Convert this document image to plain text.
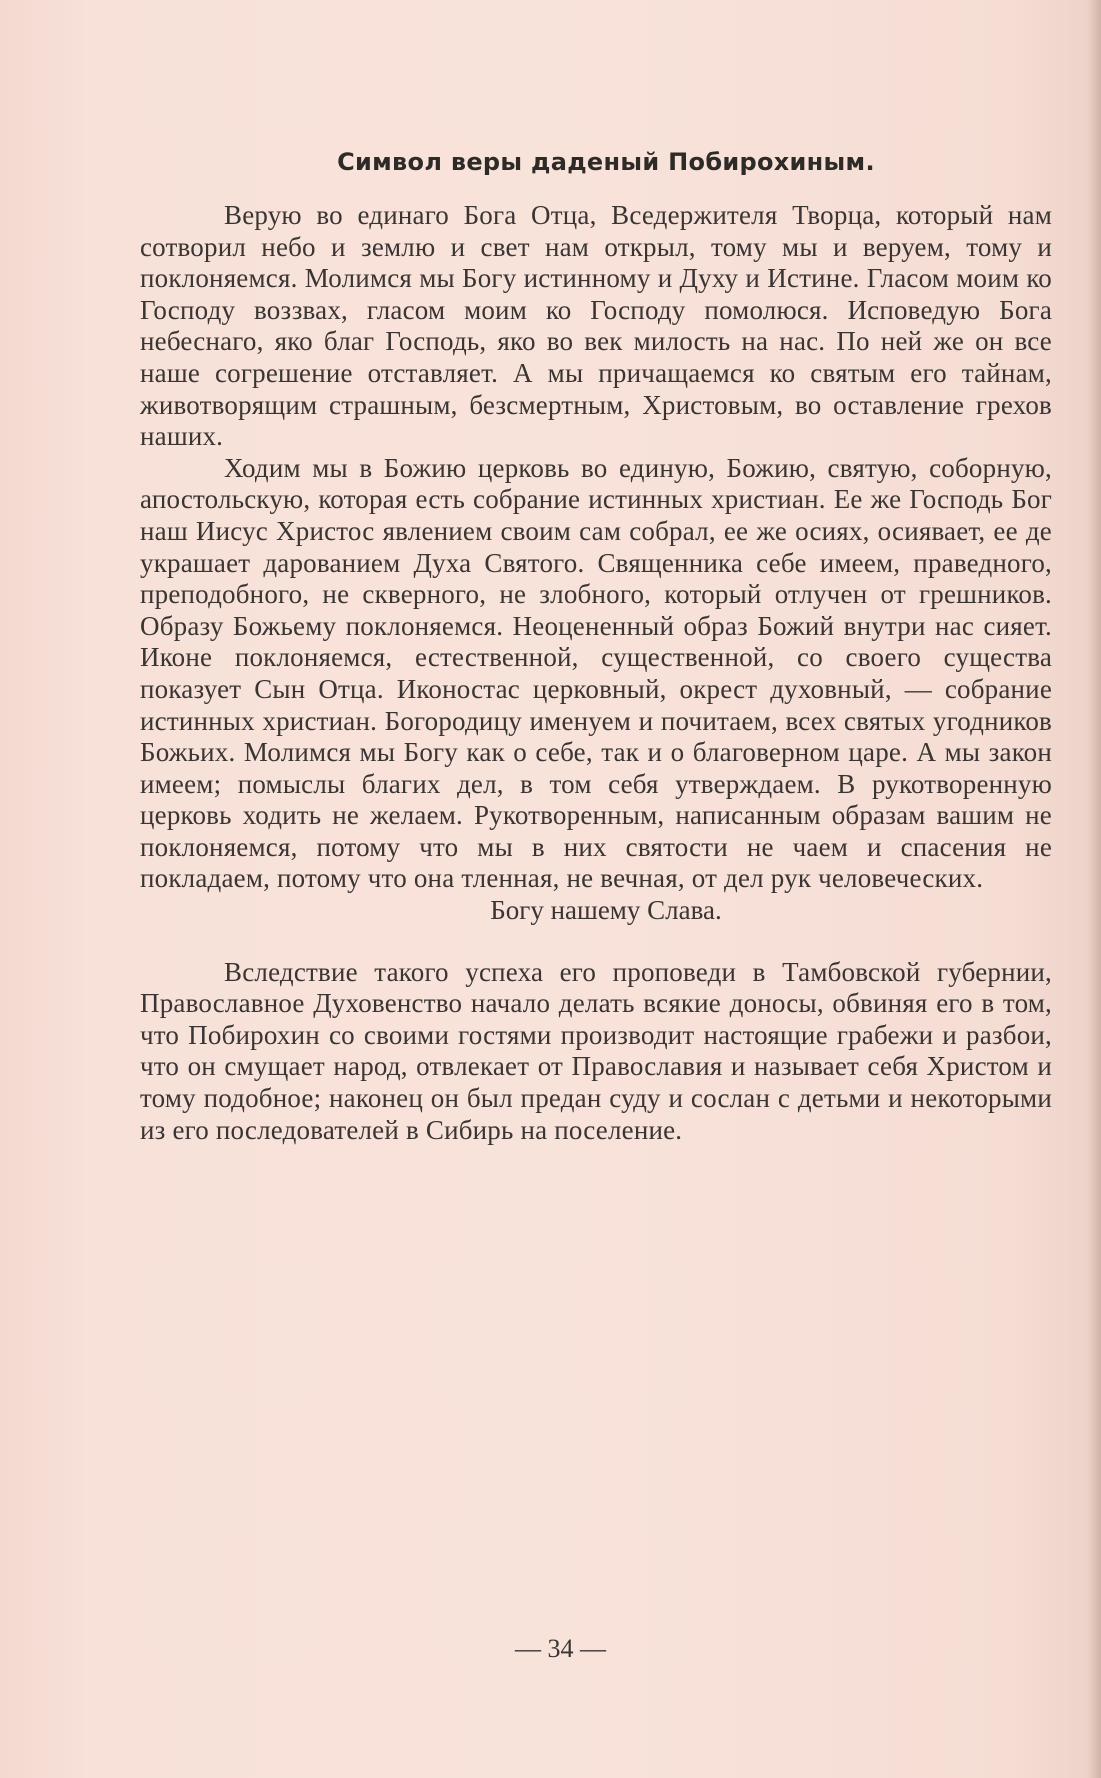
Символ веры даденый Побирохиным.

Верую во единаго Бога Отца, Вседержителя Творца, который нам сотворил небо и землю и свет нам открыл, тому мы и веруем, тому и поклоняемся. Молимся мы Богу истинному и Духу и Истине. Гласом моим ко Господу воззвах, гласом моим ко Господу помолюся. Исповедую Бога небеснаго, яко благ Господь, яко во век милость на нас. По ней же он все наше согрешение отставляет. А мы причащаемся ко святым его тайнам, животворящим страшным, безсмертным, Христовым, во оставление грехов наших.

Ходим мы в Божию церковь во единую, Божию, святую, соборную, апостольскую, которая есть собрание истинных христиан. Ее же Господь Бог наш Иисус Христос явлением своим сам собрал, ее же осиях, осиявает, ее де украшает дарованием Духа Святого. Священника себе имеем, праведного, преподобного, не скверного, не злобного, который отлучен от грешников. Образу Божьему поклоняемся. Неоцененный образ Божий внутри нас сияет. Иконе поклоняемся, естественной, существенной, со своего существа показует Сын Отца. Иконостас церковный, окрест духовный, — собрание истинных христиан. Богородицу именуем и почитаем, всех святых угодников Божьих. Молимся мы Богу как о себе, так и о благоверном царе. А мы закон имеем; помыслы благих дел, в том себя утверждаем. В рукотворенную церковь ходить не желаем. Рукотворенным, написанным образам вашим не поклоняемся, потому что мы в них святости не чаем и спасения не покладаем, потому что она тленная, не вечная, от дел рук человеческих.

Богу нашему Слава.

Вследствие такого успеха его проповеди в Тамбовской губернии, Православное Духовенство начало делать всякие доносы, обвиняя его в том, что Побирохин со своими гостями производит настоящие грабежи и разбои, что он смущает народ, отвлекает от Православия и называет себя Христом и тому подобное; наконец он был предан суду и сослан с детьми и некоторыми из его последователей в Сибирь на поселение.

— 34 —
